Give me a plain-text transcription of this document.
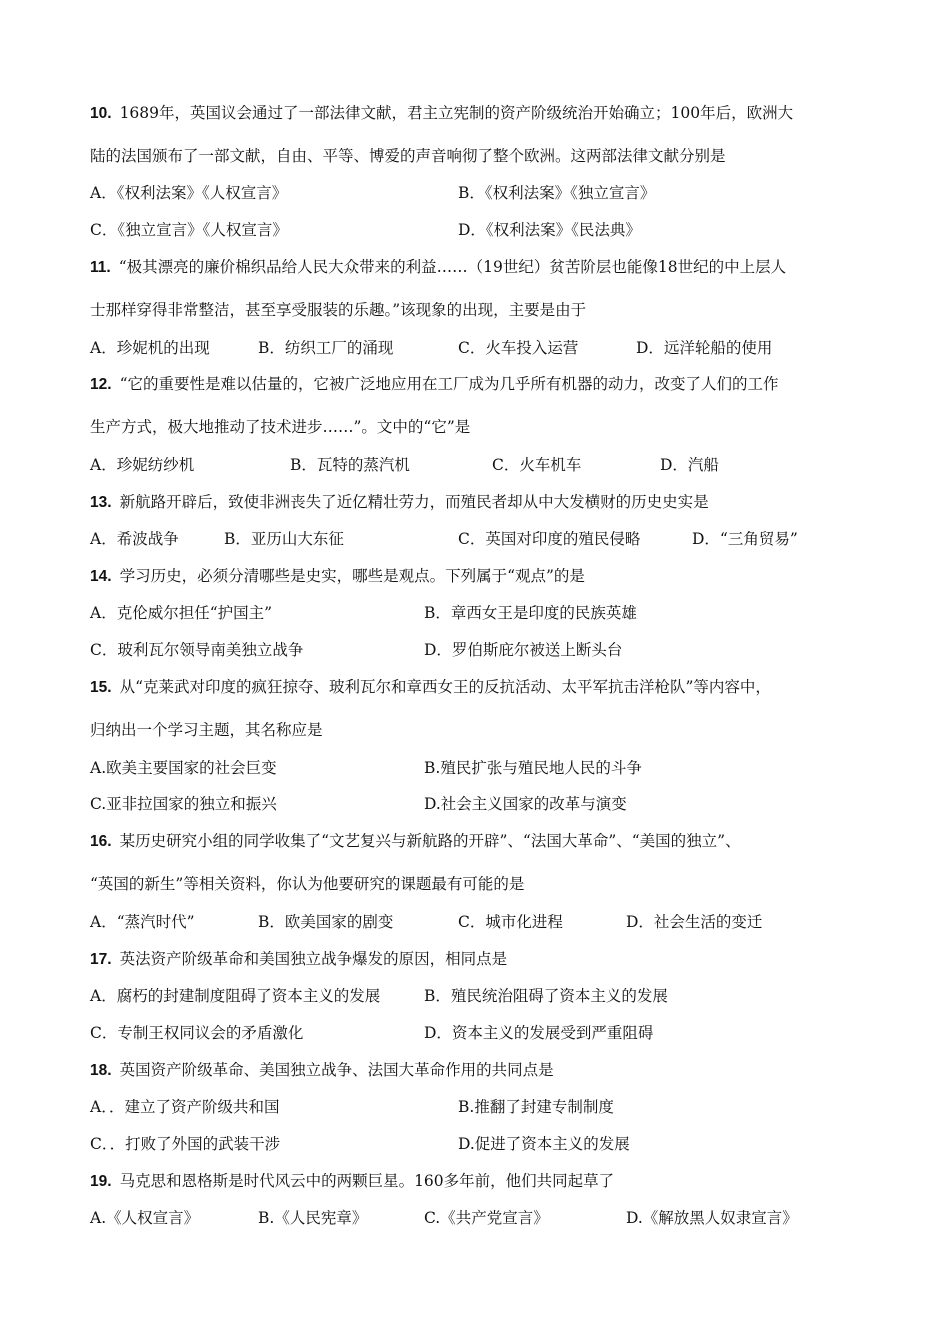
10. 1689年，英国议会通过了一部法律文献，君主立宪制的资产阶级统治开始确立；100年后，欧洲大
陆的法国颁布了一部文献，自由、平等、博爱的声音响彻了整个欧洲。这两部法律文献分别是
A．《权利法案》《人权宣言》	B．《权利法案》《独立宣言》
C．《独立宣言》《人权宣言》	D．《权利法案》《民法典》
11. “极其漂亮的廉价棉织品给人民大众带来的利益……（19世纪）贫苦阶层也能像18世纪的中上层人
士那样穿得非常整洁，甚至享受服装的乐趣。”该现象的出现，主要是由于
A．珍妮机的出现	B．纺织工厂的涌现	C．火车投入运营	D．远洋轮船的使用
12. “它的重要性是难以估量的，它被广泛地应用在工厂成为几乎所有机器的动力，改变了人们的工作
生产方式，极大地推动了技术进步……”。文中的“它”是
A．珍妮纺纱机	B．瓦特的蒸汽机	C．火车机车	D．汽船
13. 新航路开辟后，致使非洲丧失了近亿精壮劳力，而殖民者却从中大发横财的历史史实是
A．希波战争	B．亚历山大东征	C．英国对印度的殖民侵略	D．“三角贸易”
14. 学习历史，必须分清哪些是史实，哪些是观点。下列属于“观点”的是
A．克伦威尔担任“护国主”	B．章西女王是印度的民族英雄
C．玻利瓦尔领导南美独立战争	D．罗伯斯庇尔被送上断头台
15. 从“克莱武对印度的疯狂掠夺、玻利瓦尔和章西女王的反抗活动、太平军抗击洋枪队”等内容中，
归纳出一个学习主题，其名称应是
A.欧美主要国家的社会巨变	B.殖民扩张与殖民地人民的斗争
C.亚非拉国家的独立和振兴	D.社会主义国家的改革与演变
16. 某历史研究小组的同学收集了“文艺复兴与新航路的开辟”、“法国大革命”、“美国的独立”、
“英国的新生”等相关资料，你认为他要研究的课题最有可能的是
A．“蒸汽时代”	B．欧美国家的剧变	C．城市化进程	D．社会生活的变迁
17. 英法资产阶级革命和美国独立战争爆发的原因，相同点是
A．腐朽的封建制度阻碍了资本主义的发展	B．殖民统治阻碍了资本主义的发展
C．专制王权同议会的矛盾激化	D．资本主义的发展受到严重阻碍
18. 英国资产阶级革命、美国独立战争、法国大革命作用的共同点是
A．．建立了资产阶级共和国	B.推翻了封建专制制度
C．．打败了外国的武装干涉	D.促进了资本主义的发展
19. 马克思和恩格斯是时代风云中的两颗巨星。160多年前，他们共同起草了
A.《人权宣言》	B.《人民宪章》	C.《共产党宣言》	D.《解放黑人奴隶宣言》
